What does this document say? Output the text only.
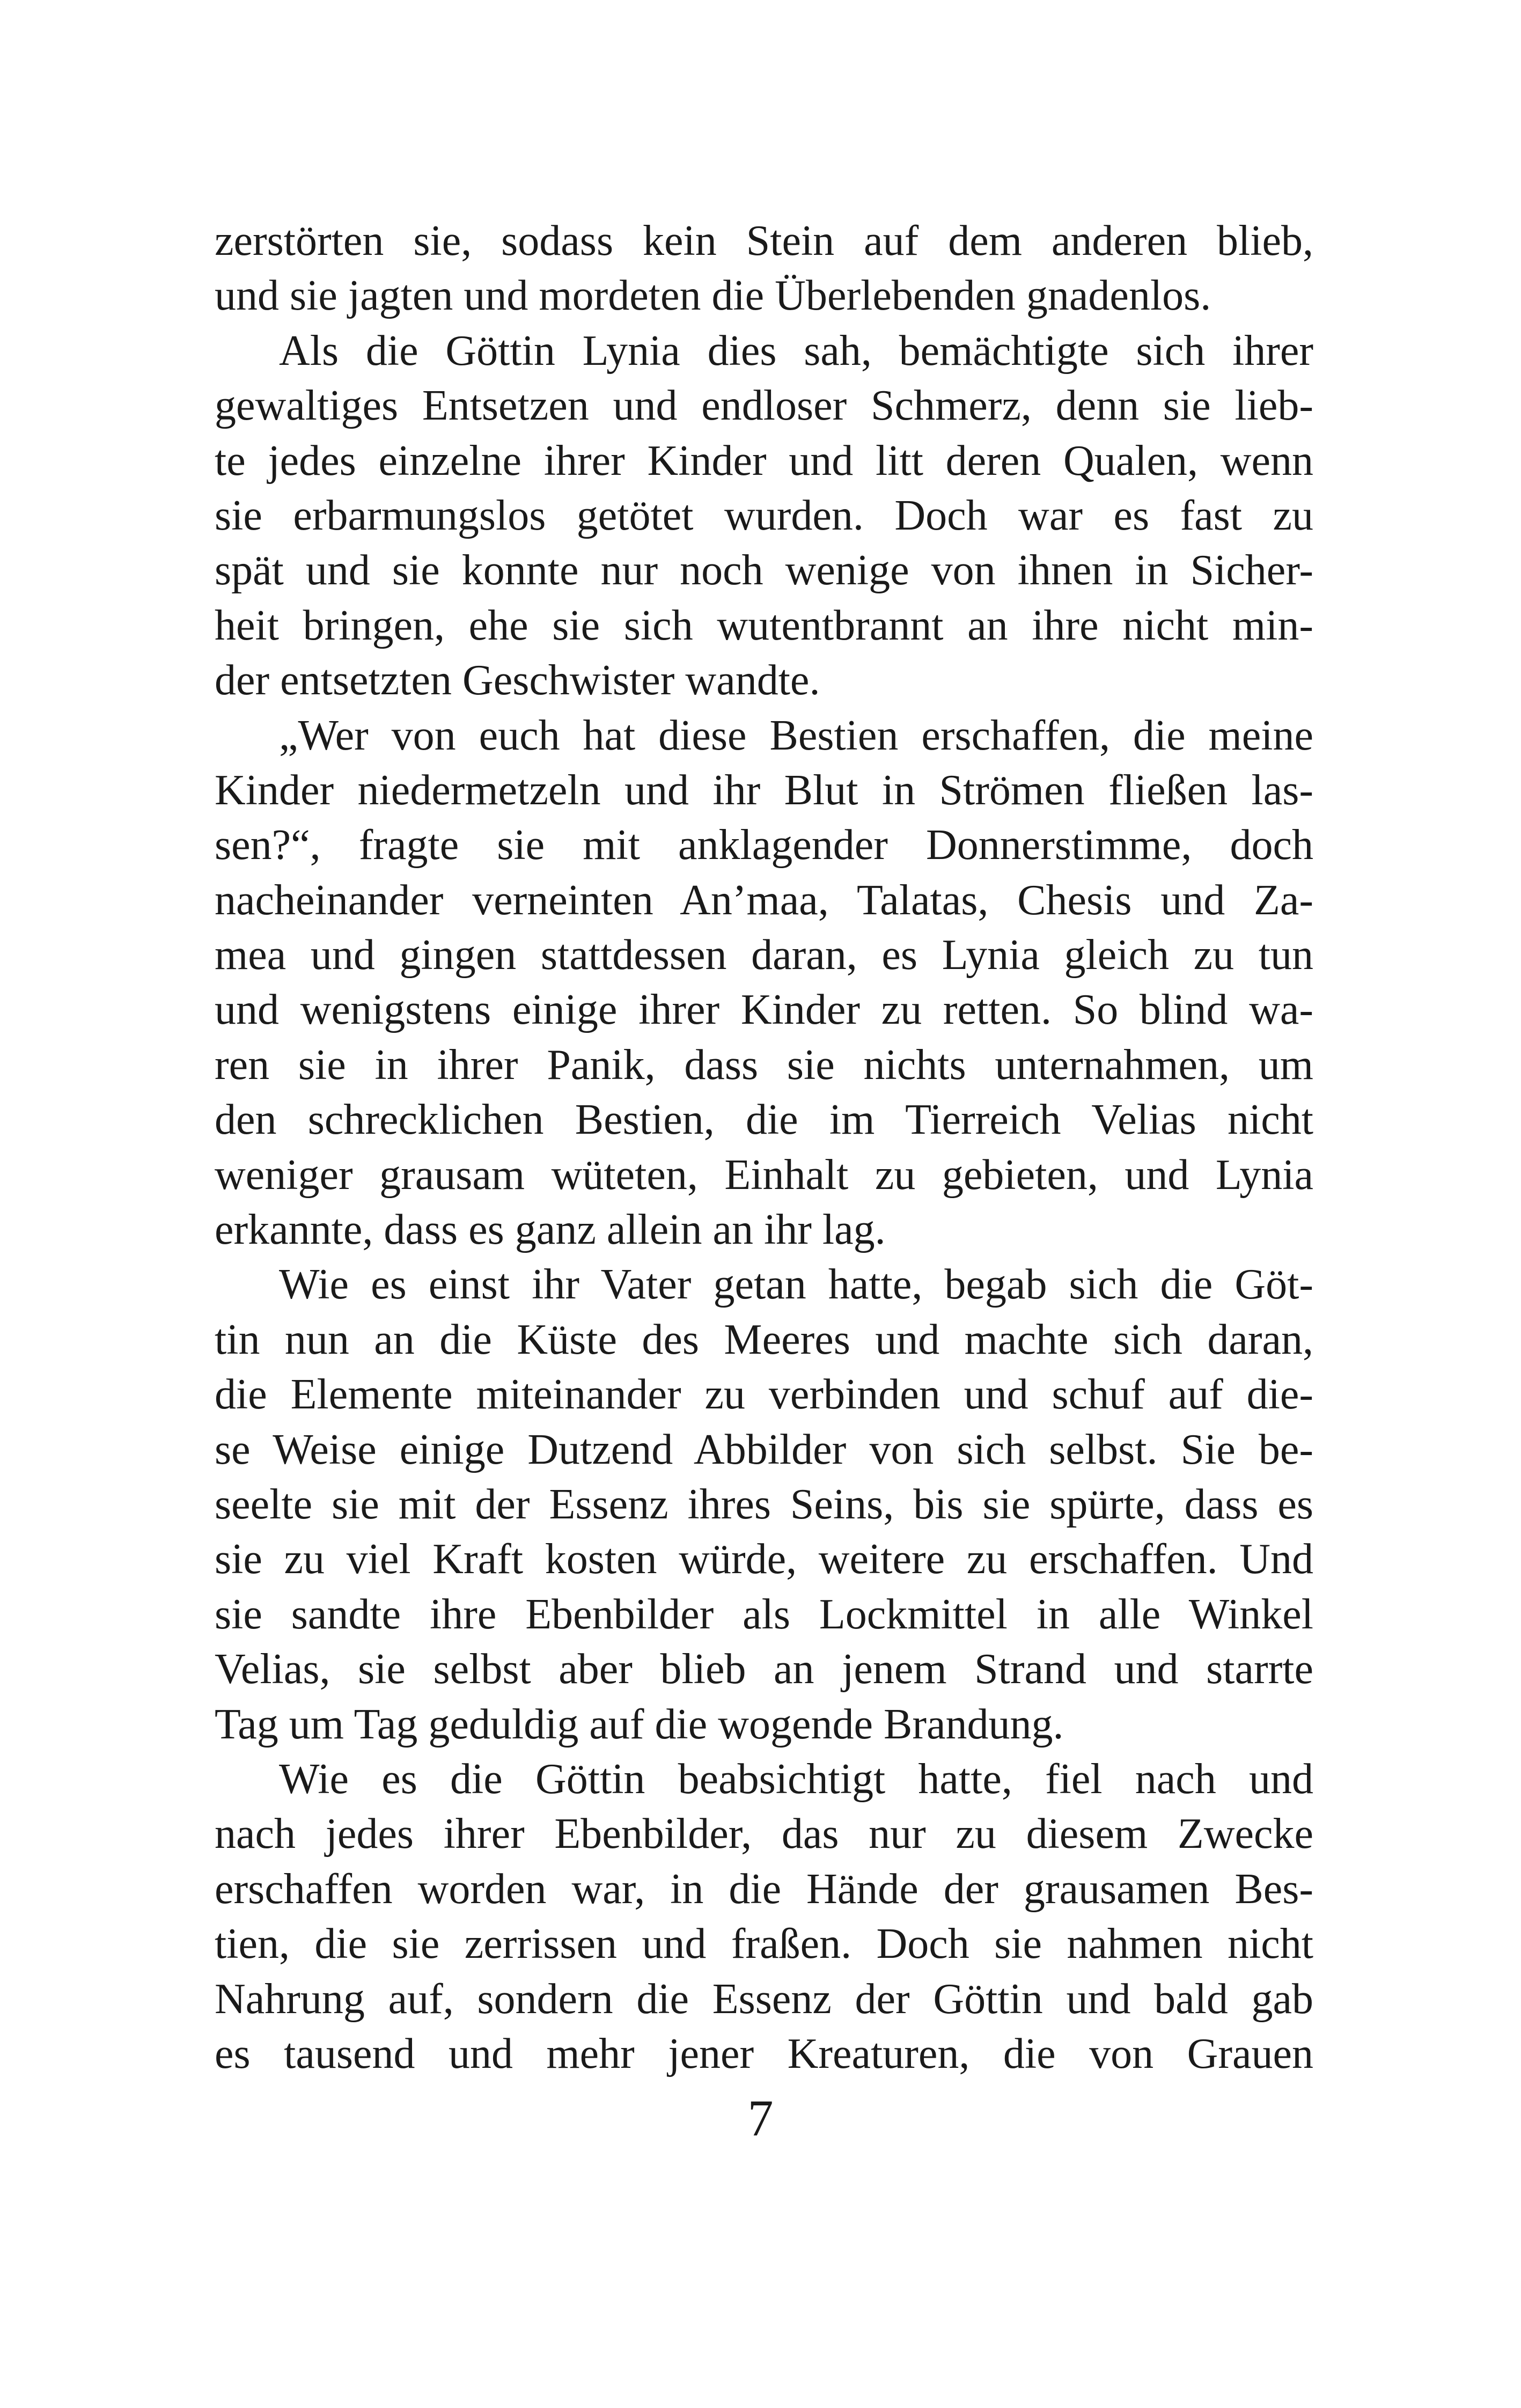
zerstörten sie, sodass kein Stein auf dem anderen blieb,
und sie jagten und mordeten die Überlebenden gnadenlos.
Als die Göttin Lynia dies sah, bemächtigte sich ihrer
gewaltiges Entsetzen und endloser Schmerz, denn sie lieb-
te jedes einzelne ihrer Kinder und litt deren Qualen, wenn
sie erbarmungslos getötet wurden. Doch war es fast zu
spät und sie konnte nur noch wenige von ihnen in Sicher-
heit bringen, ehe sie sich wutentbrannt an ihre nicht min-
der entsetzten Geschwister wandte.
„Wer von euch hat diese Bestien erschaffen, die meine
Kinder niedermetzeln und ihr Blut in Strömen fließen las-
sen?“, fragte sie mit anklagender Donnerstimme, doch
nacheinander verneinten An’maa, Talatas, Chesis und Za-
mea und gingen stattdessen daran, es Lynia gleich zu tun
und wenigstens einige ihrer Kinder zu retten. So blind wa-
ren sie in ihrer Panik, dass sie nichts unternahmen, um
den schrecklichen Bestien, die im Tierreich Velias nicht
weniger grausam wüteten, Einhalt zu gebieten, und Lynia
erkannte, dass es ganz allein an ihr lag.
Wie es einst ihr Vater getan hatte, begab sich die Göt-
tin nun an die Küste des Meeres und machte sich daran,
die Elemente miteinander zu verbinden und schuf auf die-
se Weise einige Dutzend Abbilder von sich selbst. Sie be-
seelte sie mit der Essenz ihres Seins, bis sie spürte, dass es
sie zu viel Kraft kosten würde, weitere zu erschaffen. Und
sie sandte ihre Ebenbilder als Lockmittel in alle Winkel
Velias, sie selbst aber blieb an jenem Strand und starrte
Tag um Tag geduldig auf die wogende Brandung.
Wie es die Göttin beabsichtigt hatte, fiel nach und
nach jedes ihrer Ebenbilder, das nur zu diesem Zwecke
erschaffen worden war, in die Hände der grausamen Bes-
tien, die sie zerrissen und fraßen. Doch sie nahmen nicht
Nahrung auf, sondern die Essenz der Göttin und bald gab
es tausend und mehr jener Kreaturen, die von Grauen
7
